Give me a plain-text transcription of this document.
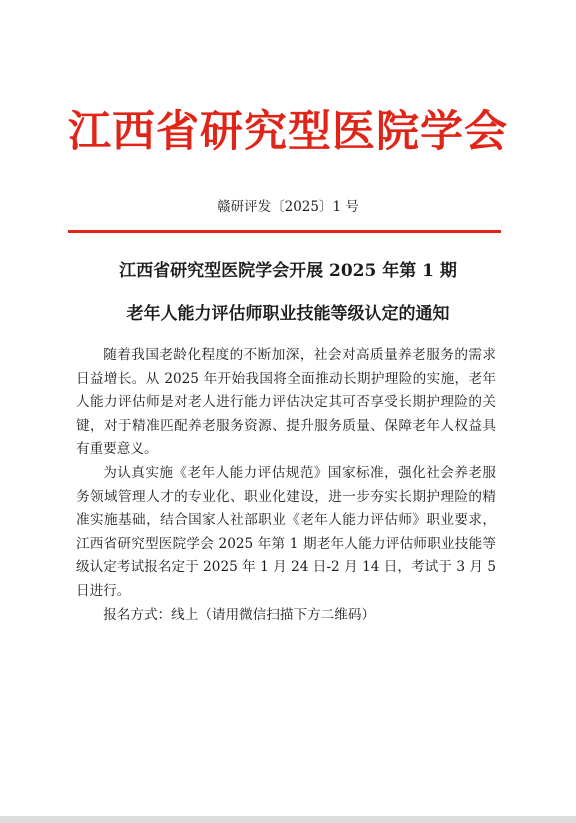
江西省研究型医院学会
赣研评发〔2025〕1 号
江西省研究型医院学会开展 2025 年第 1 期
老年人能力评估师职业技能等级认定的通知

随着我国老龄化程度的不断加深，社会对高质量养老服务的需求日益增长。从 2025 年开始我国将全面推动长期护理险的实施，老年人能力评估师是对老人进行能力评估决定其可否享受长期护理险的关键，对于精准匹配养老服务资源、提升服务质量、保障老年人权益具有重要意义。

为认真实施《老年人能力评估规范》国家标准，强化社会养老服务领域管理人才的专业化、职业化建设，进一步夯实长期护理险的精准实施基础，结合国家人社部职业《老年人能力评估师》职业要求，江西省研究型医院学会 2025 年第 1 期老年人能力评估师职业技能等级认定考试报名定于 2025 年 1 月 24 日-2 月 14 日，考试于 3 月 5 日进行。

报名方式：线上（请用微信扫描下方二维码）
